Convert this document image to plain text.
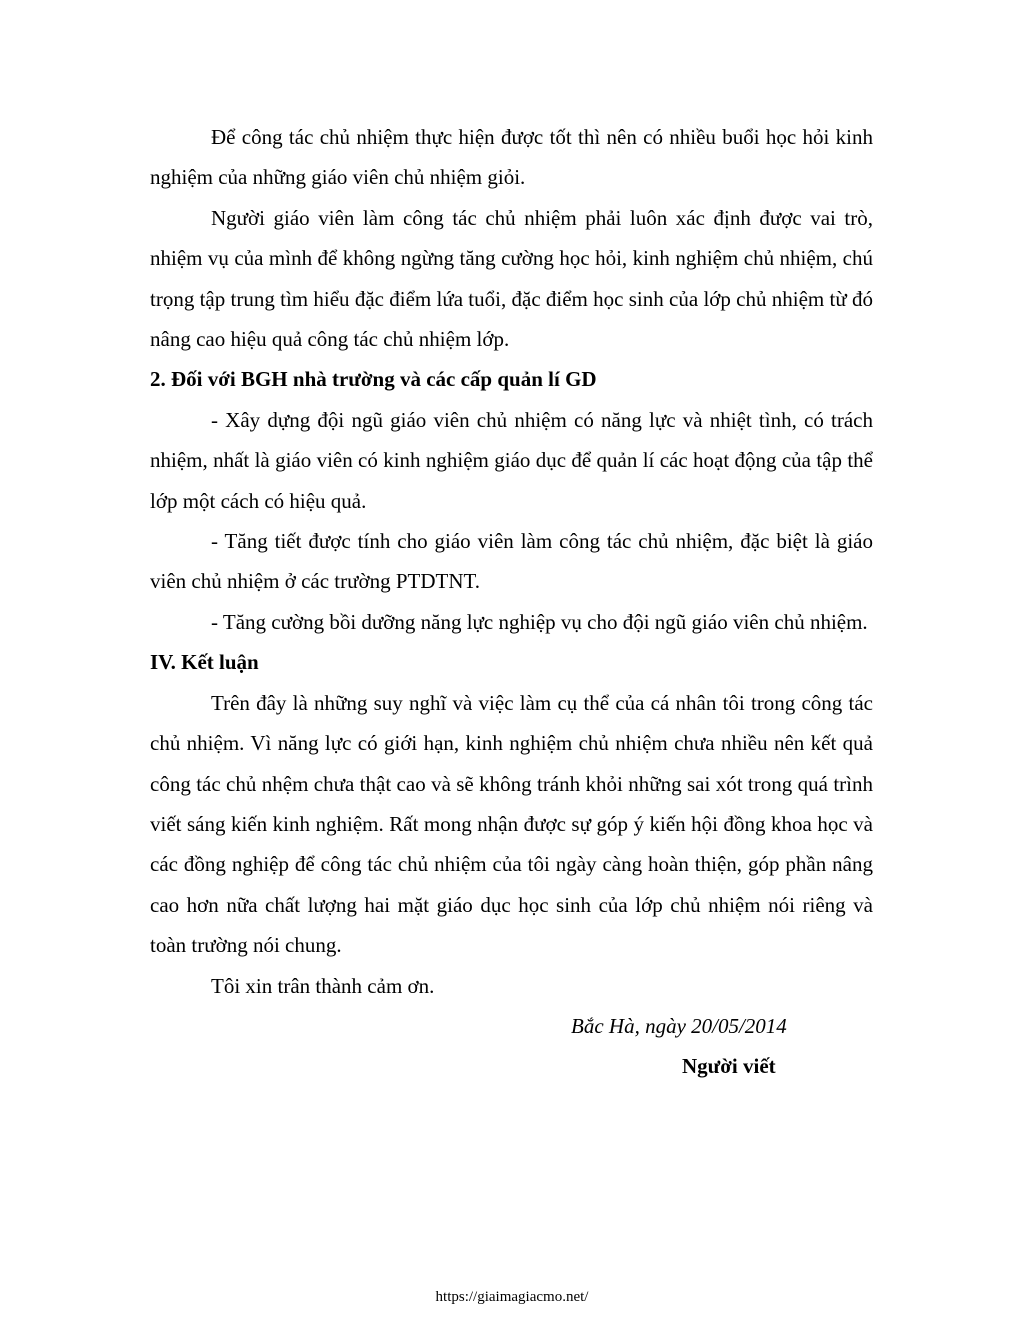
Để công tác chủ nhiệm thực hiện được tốt thì nên có nhiều buổi học hỏi kinh nghiệm của những giáo viên chủ nhiệm giỏi.

Người giáo viên làm công tác chủ nhiệm phải luôn xác định được vai trò, nhiệm vụ của mình để không ngừng tăng cường học hỏi, kinh nghiệm chủ nhiệm, chú trọng tập trung tìm hiểu đặc điểm lứa tuổi, đặc điểm học sinh của lớp chủ nhiệm từ đó nâng cao hiệu quả công tác chủ nhiệm lớp.

2. Đối với BGH nhà trường và các cấp quản lí GD

- Xây dựng đội ngũ giáo viên chủ nhiệm có năng lực và nhiệt tình, có trách nhiệm, nhất là giáo viên có kinh nghiệm giáo dục để quản lí các hoạt động của tập thể lớp một cách có hiệu quả.

- Tăng tiết được tính cho giáo viên làm công tác chủ nhiệm, đặc biệt là giáo viên chủ nhiệm ở các trường PTDTNT.

- Tăng cường bồi dưỡng năng lực nghiệp vụ cho đội ngũ giáo viên chủ nhiệm.

IV. Kết luận

Trên đây là những suy nghĩ và việc làm cụ thể của cá nhân tôi trong công tác chủ nhiệm. Vì năng lực có giới hạn, kinh nghiệm chủ nhiệm chưa nhiều nên kết quả công tác chủ nhệm chưa thật cao và sẽ không tránh khỏi những sai xót trong quá trình viết sáng kiến kinh nghiệm. Rất mong nhận được sự góp ý kiến hội đồng khoa học và các đồng nghiệp để công tác chủ nhiệm của tôi ngày càng hoàn thiện, góp phần nâng cao hơn nữa chất lượng hai mặt giáo dục học sinh của lớp chủ nhiệm nói riêng và toàn trường nói chung.

Tôi xin trân thành cảm ơn.

Bắc Hà, ngày 20/05/2014

Người viết

https://giaimagiacmo.net/
